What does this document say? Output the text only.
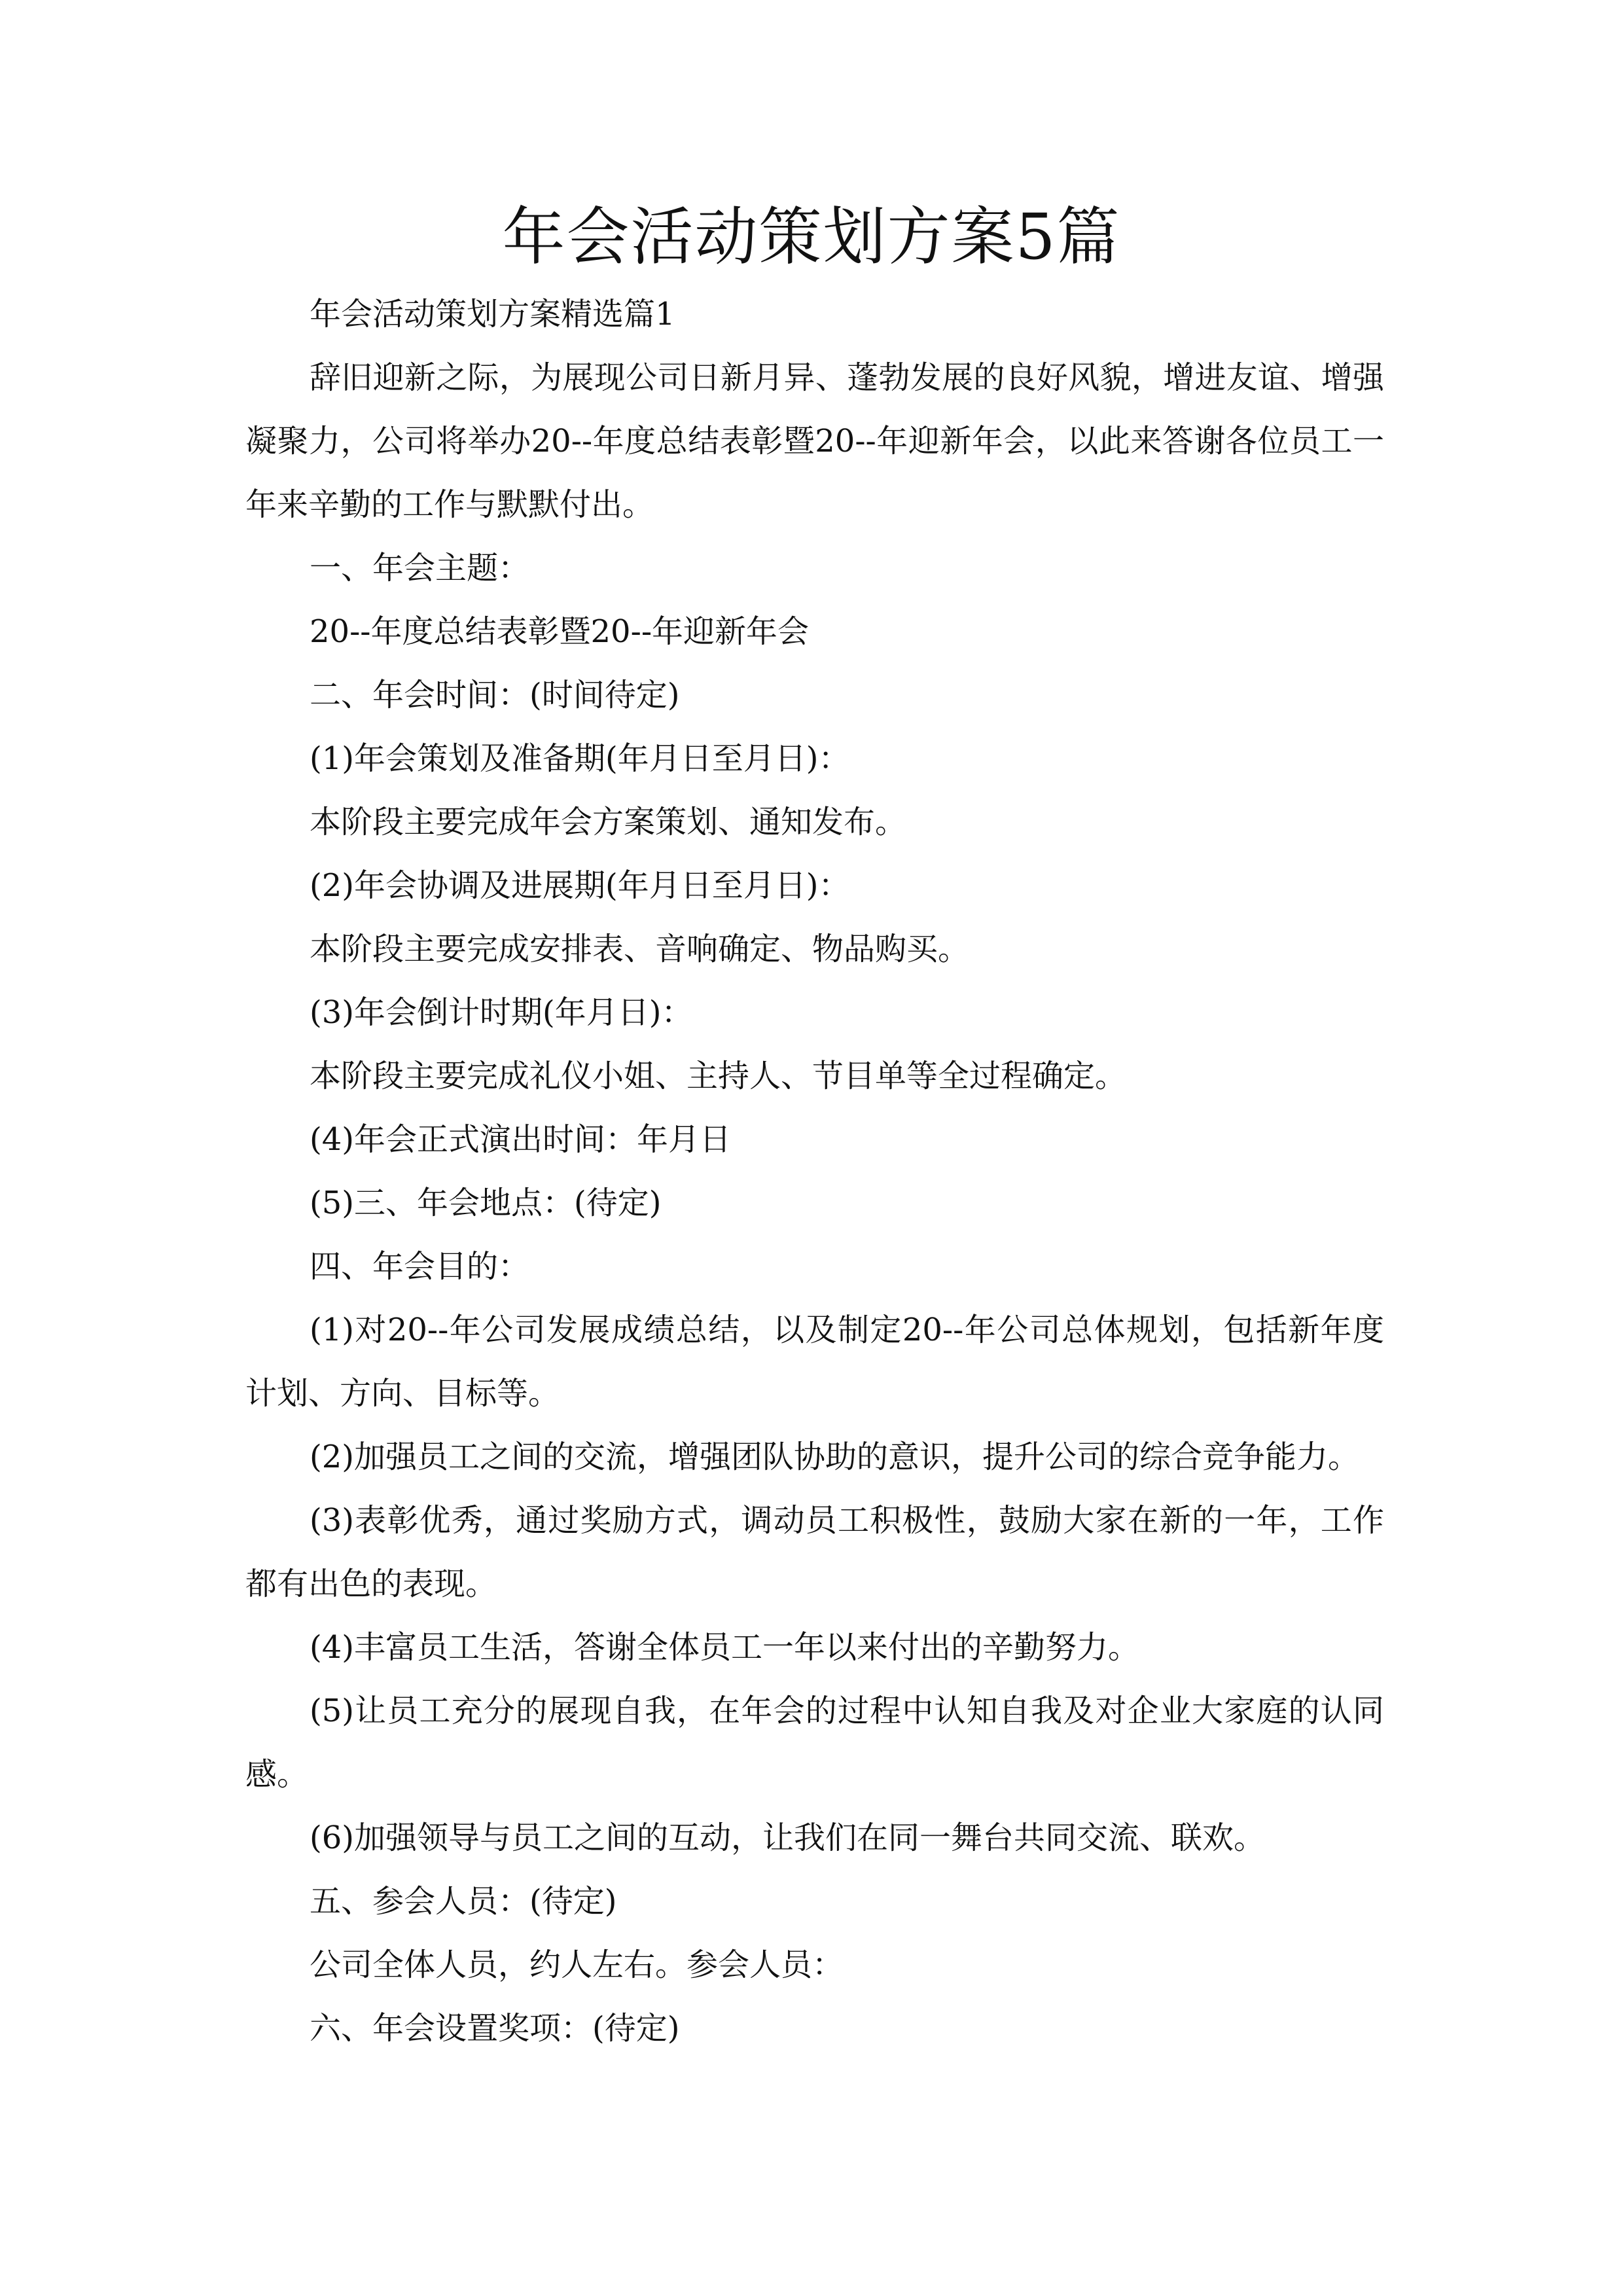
年会活动策划方案5篇

年会活动策划方案精选篇1

辞旧迎新之际，为展现公司日新月异、蓬勃发展的良好风貌，增进友谊、增强凝聚力，公司将举办20--年度总结表彰暨20--年迎新年会，以此来答谢各位员工一年来辛勤的工作与默默付出。

一、年会主题：

20--年度总结表彰暨20--年迎新年会

二、年会时间：(时间待定)

(1)年会策划及准备期(年月日至月日)：

本阶段主要完成年会方案策划、通知发布。

(2)年会协调及进展期(年月日至月日)：

本阶段主要完成安排表、音响确定、物品购买。

(3)年会倒计时期(年月日)：

本阶段主要完成礼仪小姐、主持人、节目单等全过程确定。

(4)年会正式演出时间：年月日

(5)三、年会地点：(待定)

四、年会目的：

(1)对20--年公司发展成绩总结，以及制定20--年公司总体规划，包括新年度计划、方向、目标等。

(2)加强员工之间的交流，增强团队协助的意识，提升公司的综合竞争能力。

(3)表彰优秀，通过奖励方式，调动员工积极性，鼓励大家在新的一年，工作都有出色的表现。

(4)丰富员工生活，答谢全体员工一年以来付出的辛勤努力。

(5)让员工充分的展现自我，在年会的过程中认知自我及对企业大家庭的认同感。

(6)加强领导与员工之间的互动，让我们在同一舞台共同交流、联欢。

五、参会人员：(待定)

公司全体人员，约人左右。参会人员：

六、年会设置奖项：(待定)
